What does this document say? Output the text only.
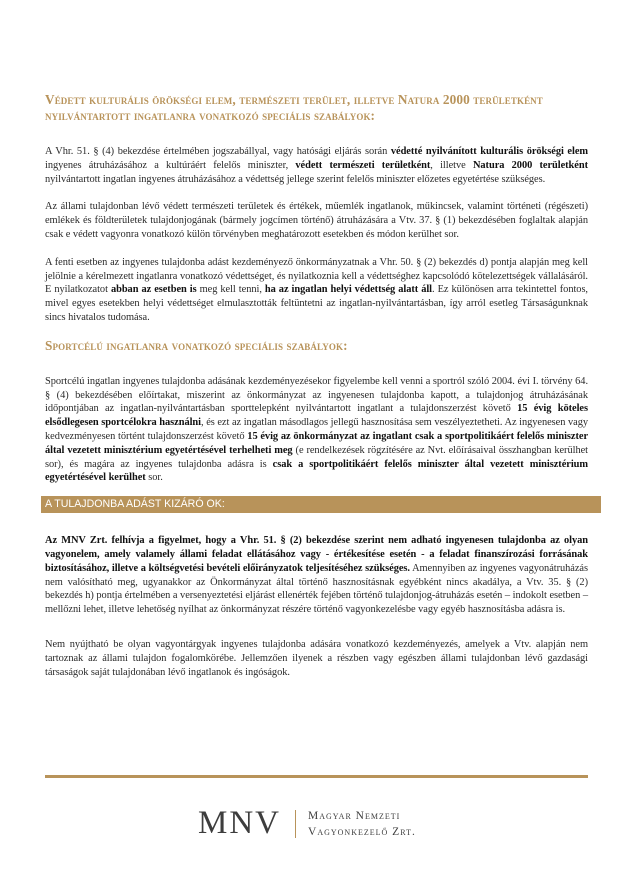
Védett kulturális örökségi elem, természeti terület, illetve Natura 2000 területként nyilvántartott ingatlanra vonatkozó speciális szabályok:

A Vhr. 51. § (4) bekezdése értelmében jogszabállyal, vagy hatósági eljárás során védetté nyilvánított kulturális örökségi elem ingyenes átruházásához a kultúráért felelős miniszter, védett természeti területként, illetve Natura 2000 területként nyilvántartott ingatlan ingyenes átruházásához a védettség jellege szerint felelős miniszter előzetes egyetértése szükséges.

Az állami tulajdonban lévő védett természeti területek és értékek, műemlék ingatlanok, műkincsek, valamint történeti (régészeti) emlékek és földterületek tulajdonjogának (bármely jogcímen történő) átruházására a Vtv. 37. § (1) bekezdésében foglaltak alapján csak e védett vagyonra vonatkozó külön törvényben meghatározott esetekben és módon kerülhet sor.

A fenti esetben az ingyenes tulajdonba adást kezdeményező önkormányzatnak a Vhr. 50. § (2) bekezdés d) pontja alapján meg kell jelölnie a kérelmezett ingatlanra vonatkozó védettséget, és nyilatkoznia kell a védettséghez kapcsolódó kötelezettségek vállalásáról. E nyilatkozatot abban az esetben is meg kell tenni, ha az ingatlan helyi védettség alatt áll. Ez különösen arra tekintettel fontos, mivel egyes esetekben helyi védettséget elmulasztották feltüntetni az ingatlan-nyilvántartásban, így arról esetleg Társaságunknak sincs hivatalos tudomása.

Sportcélú ingatlanra vonatkozó speciális szabályok:

Sportcélú ingatlan ingyenes tulajdonba adásának kezdeményezésekor figyelembe kell venni a sportról szóló 2004. évi I. törvény 64. § (4) bekezdésében előírtakat, miszerint az önkormányzat az ingyenesen tulajdonba kapott, a tulajdonjog átruházásának időpontjában az ingatlan-nyilvántartásban sporttelepként nyilvántartott ingatlant a tulajdonszerzést követő 15 évig köteles elsődlegesen sportcélokra használni, és ezt az ingatlan másodlagos jellegű hasznosítása sem veszélyeztetheti. Az ingyenesen vagy kedvezményesen történt tulajdonszerzést követő 15 évig az önkormányzat az ingatlant csak a sportpolitikáért felelős miniszter által vezetett minisztérium egyetértésével terhelheti meg (e rendelkezések rögzítésére az Nvt. előírásaival összhangban kerülhet sor), és magára az ingyenes tulajdonba adásra is csak a sportpolitikáért felelős miniszter által vezetett minisztérium egyetértésével kerülhet sor.

A TULAJDONBA ADÁST KIZÁRÓ OK:

Az MNV Zrt. felhívja a figyelmet, hogy a Vhr. 51. § (2) bekezdése szerint nem adható ingyenesen tulajdonba az olyan vagyonelem, amely valamely állami feladat ellátásához vagy - értékesítése esetén - a feladat finanszírozási forrásának biztosításához, illetve a költségvetési bevételi előirányzatok teljesítéséhez szükséges. Amennyiben az ingyenes vagyonátruházás nem valósítható meg, ugyanakkor az Önkormányzat által történő hasznosításnak egyébként nincs akadálya, a Vtv. 35. § (2) bekezdés h) pontja értelmében a versenyeztetési eljárást ellenérték fejében történő tulajdonjog-átruházás esetén – indokolt esetben – mellőzni lehet, illetve lehetőség nyílhat az önkormányzat részére történő vagyonkezelésbe vagy egyéb hasznosításba adásra is.

Nem nyújtható be olyan vagyontárgyak ingyenes tulajdonba adására vonatkozó kezdeményezés, amelyek a Vtv. alapján nem tartoznak az állami tulajdon fogalomkörébe. Jellemzően ilyenek a részben vagy egészben állami tulajdonban lévő gazdasági társaságok saját tulajdonában lévő ingatlanok és ingóságok.

MNV Magyar Nemzeti
Vagyonkezelő Zrt.
